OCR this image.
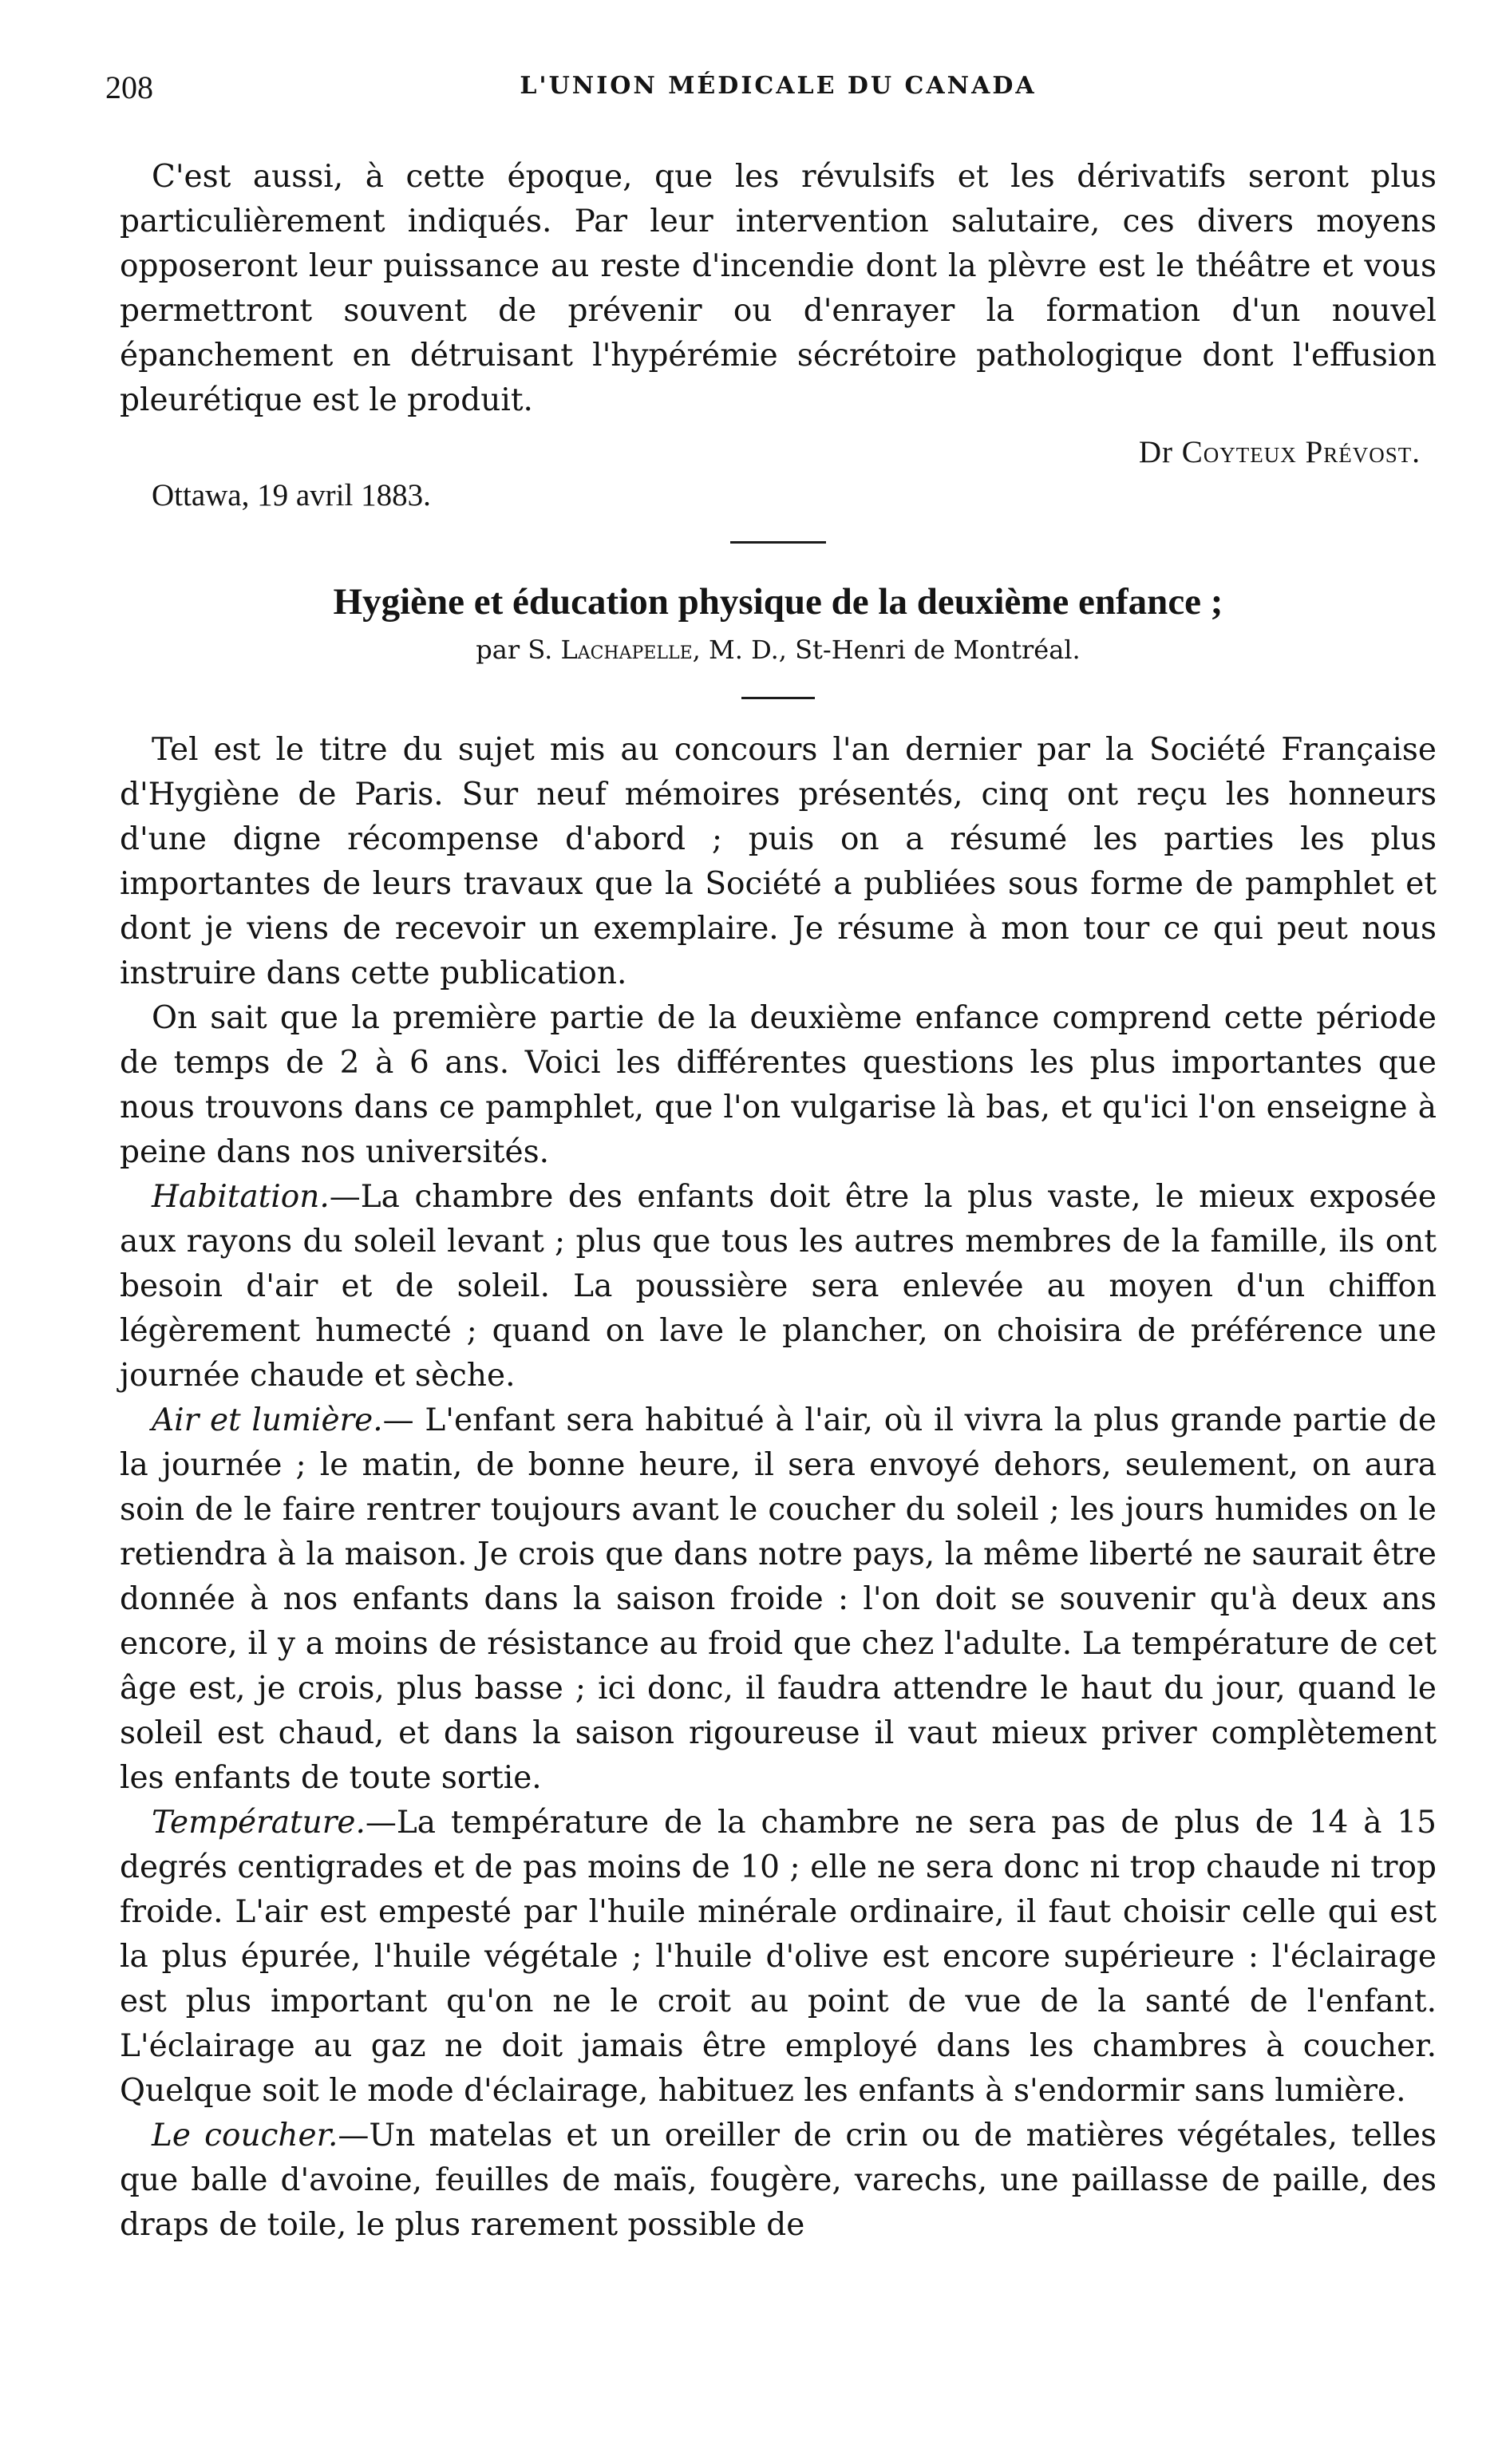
208	L'UNION MÉDICALE DU CANADA

C'est aussi, à cette époque, que les révulsifs et les dérivatifs seront plus particulièrement indiqués. Par leur intervention salutaire, ces divers moyens opposeront leur puissance au reste d'incendie dont la plèvre est le théâtre et vous permettront souvent de prévenir ou d'enrayer la formation d'un nouvel épanchement en détruisant l'hypérémie sécrétoire pathologique dont l'effusion pleurétique est le produit.

Dr Coyteux Prévost.
Ottawa, 19 avril 1883.
Hygiène et éducation physique de la deuxième enfance ;
par S. Lachapelle, M. D., St-Henri de Montréal.

Tel est le titre du sujet mis au concours l'an dernier par la Société Française d'Hygiène de Paris. Sur neuf mémoires présentés, cinq ont reçu les honneurs d'une digne récompense d'abord ; puis on a résumé les parties les plus importantes de leurs travaux que la Société a publiées sous forme de pamphlet et dont je viens de recevoir un exemplaire. Je résume à mon tour ce qui peut nous instruire dans cette publication.

On sait que la première partie de la deuxième enfance comprend cette période de temps de 2 à 6 ans. Voici les différentes questions les plus importantes que nous trouvons dans ce pamphlet, que l'on vulgarise là bas, et qu'ici l'on enseigne à peine dans nos universités.

Habitation.—La chambre des enfants doit être la plus vaste, le mieux exposée aux rayons du soleil levant ; plus que tous les autres membres de la famille, ils ont besoin d'air et de soleil. La poussière sera enlevée au moyen d'un chiffon légèrement humecté ; quand on lave le plancher, on choisira de préférence une journée chaude et sèche.

Air et lumière.— L'enfant sera habitué à l'air, où il vivra la plus grande partie de la journée ; le matin, de bonne heure, il sera envoyé dehors, seulement, on aura soin de le faire rentrer toujours avant le coucher du soleil ; les jours humides on le retiendra à la maison. Je crois que dans notre pays, la même liberté ne saurait être donnée à nos enfants dans la saison froide : l'on doit se souvenir qu'à deux ans encore, il y a moins de résistance au froid que chez l'adulte. La température de cet âge est, je crois, plus basse ; ici donc, il faudra attendre le haut du jour, quand le soleil est chaud, et dans la saison rigoureuse il vaut mieux priver complètement les enfants de toute sortie.

Température.—La température de la chambre ne sera pas de plus de 14 à 15 degrés centigrades et de pas moins de 10 ; elle ne sera donc ni trop chaude ni trop froide. L'air est empesté par l'huile minérale ordinaire, il faut choisir celle qui est la plus épurée, l'huile végétale ; l'huile d'olive est encore supérieure : l'éclairage est plus important qu'on ne le croit au point de vue de la santé de l'enfant. L'éclairage au gaz ne doit jamais être employé dans les chambres à coucher. Quelque soit le mode d'éclairage, habituez les enfants à s'endormir sans lumière.

Le coucher.—Un matelas et un oreiller de crin ou de matières végétales, telles que balle d'avoine, feuilles de maïs, fougère, varechs, une paillasse de paille, des draps de toile, le plus rarement possible de
